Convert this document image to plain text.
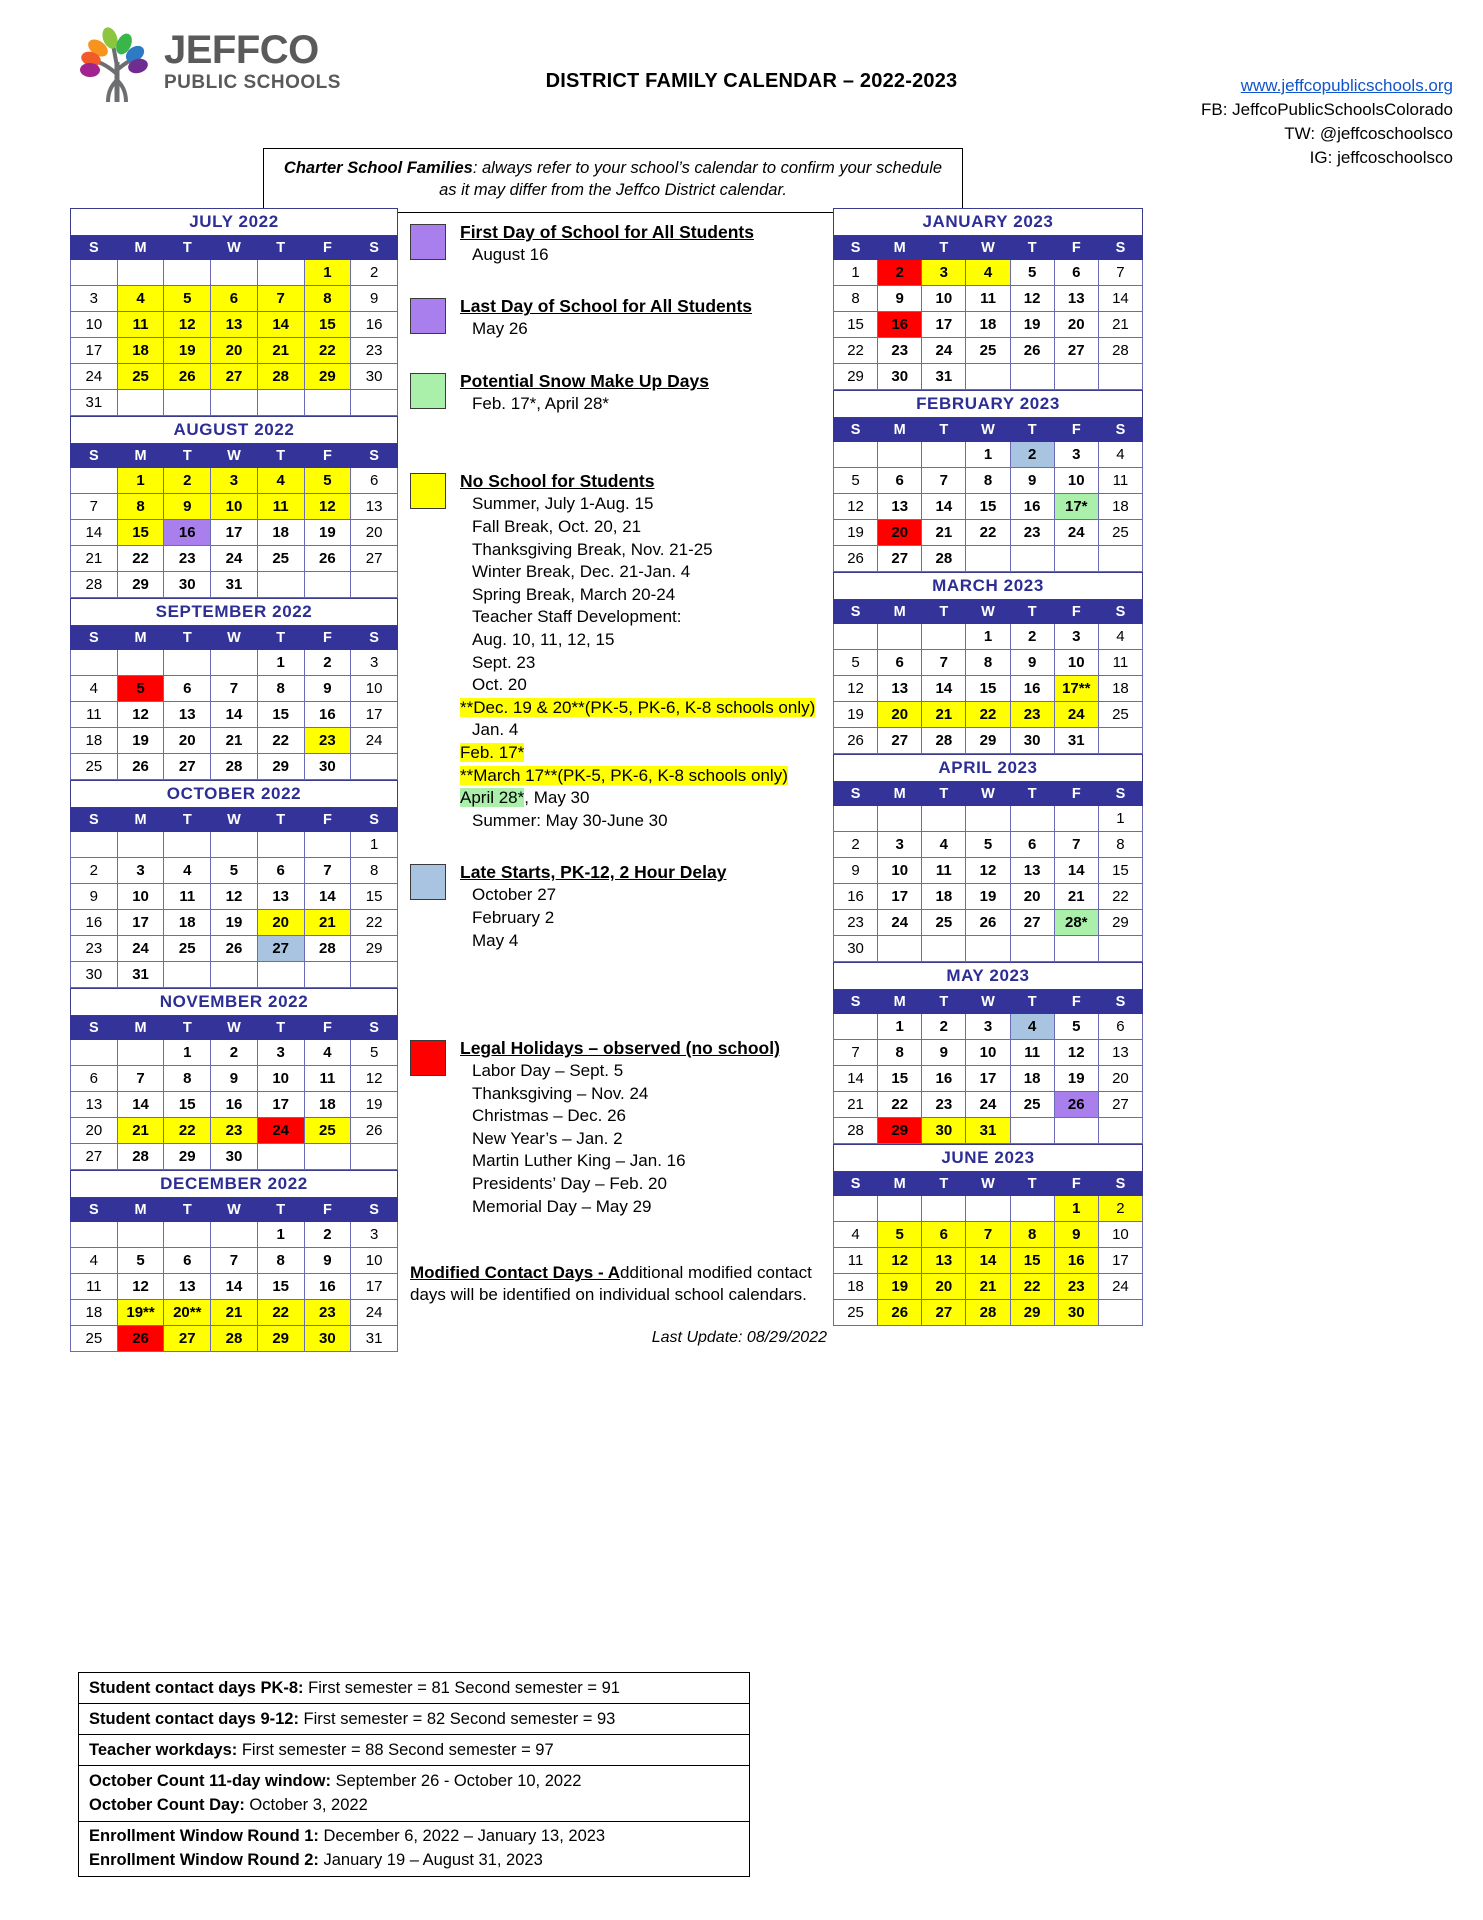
JEFFCO
PUBLIC SCHOOLS	DISTRICT FAMILY CALENDAR – 2022-2023	www.jeffcopublicschools.org
FB: JeffcoPublicSchoolsColorado
TW: @jeffcoschoolsco
IG: jeffcoschoolsco
Charter School Families: always refer to your school’s calendar to confirm your schedule as it may differ from the Jeffco District calendar.
JULY 2022						
S	M	T	W	T	F	S
					1	2
3	4	5	6	7	8	9
10	11	12	13	14	15	16
17	18	19	20	21	22	23
24	25	26	27	28	29	30
31						
AUGUST 2022						
S	M	T	W	T	F	S
	1	2	3	4	5	6
7	8	9	10	11	12	13
14	15	16	17	18	19	20
21	22	23	24	25	26	27
28	29	30	31			
SEPTEMBER 2022						
S	M	T	W	T	F	S
				1	2	3
4	5	6	7	8	9	10
11	12	13	14	15	16	17
18	19	20	21	22	23	24
25	26	27	28	29	30	
OCTOBER 2022						
S	M	T	W	T	F	S
						1
2	3	4	5	6	7	8
9	10	11	12	13	14	15
16	17	18	19	20	21	22
23	24	25	26	27	28	29
30	31					
NOVEMBER 2022						
S	M	T	W	T	F	S
		1	2	3	4	5
6	7	8	9	10	11	12
13	14	15	16	17	18	19
20	21	22	23	24	25	26
27	28	29	30			
DECEMBER 2022						
S	M	T	W	T	F	S
				1	2	3
4	5	6	7	8	9	10
11	12	13	14	15	16	17
18	19**	20**	21	22	23	24
25	26	27	28	29	30	31
First Day of School for All Students
August 16
Last Day of School for All Students
May 26
Potential Snow Make Up Days
Feb. 17*, April 28*
No School for Students
Summer, July 1-Aug. 15
Fall Break, Oct. 20, 21
Thanksgiving Break, Nov. 21-25
Winter Break, Dec. 21-Jan. 4
Spring Break, March 20-24
Teacher Staff Development:
Aug. 10, 11, 12, 15
Sept. 23
Oct. 20
**Dec. 19 & 20**(PK-5, PK-6, K-8 schools only)
Jan. 4
Feb. 17*
**March 17**(PK-5, PK-6, K-8 schools only)
April 28*, May 30
Summer: May 30-June 30
Late Starts, PK-12, 2 Hour Delay
October 27
February 2
May 4
Legal Holidays – observed (no school)
Labor Day – Sept. 5
Thanksgiving – Nov. 24
Christmas – Dec. 26
New Year’s – Jan. 2
Martin Luther King – Jan. 16
Presidents’ Day – Feb. 20
Memorial Day – May 29
Modified Contact Days - Additional modified contact days will be identified on individual school calendars.
Last Update: 08/29/2022
JANUARY 2023						
S	M	T	W	T	F	S
1	2	3	4	5	6	7
8	9	10	11	12	13	14
15	16	17	18	19	20	21
22	23	24	25	26	27	28
29	30	31				
FEBRUARY 2023						
S	M	T	W	T	F	S
			1	2	3	4
5	6	7	8	9	10	11
12	13	14	15	16	17*	18
19	20	21	22	23	24	25
26	27	28				
MARCH 2023						
S	M	T	W	T	F	S
			1	2	3	4
5	6	7	8	9	10	11
12	13	14	15	16	17**	18
19	20	21	22	23	24	25
26	27	28	29	30	31	
APRIL 2023						
S	M	T	W	T	F	S
						1
2	3	4	5	6	7	8
9	10	11	12	13	14	15
16	17	18	19	20	21	22
23	24	25	26	27	28*	29
30						
MAY 2023						
S	M	T	W	T	F	S
	1	2	3	4	5	6
7	8	9	10	11	12	13
14	15	16	17	18	19	20
21	22	23	24	25	26	27
28	29	30	31			
JUNE 2023						
S	M	T	W	T	F	S
					1	2
4	5	6	7	8	9	10
11	12	13	14	15	16	17
18	19	20	21	22	23	24
25	26	27	28	29	30	
Student contact days PK-8: First semester = 81 Second semester = 91
Student contact days 9-12: First semester = 82 Second semester = 93
Teacher workdays: First semester = 88 Second semester = 97
October Count 11-day window: September 26 - October 10, 2022
October Count Day: October 3, 2022
Enrollment Window Round 1: December 6, 2022 – January 13, 2023
Enrollment Window Round 2: January 19 – August 31, 2023
